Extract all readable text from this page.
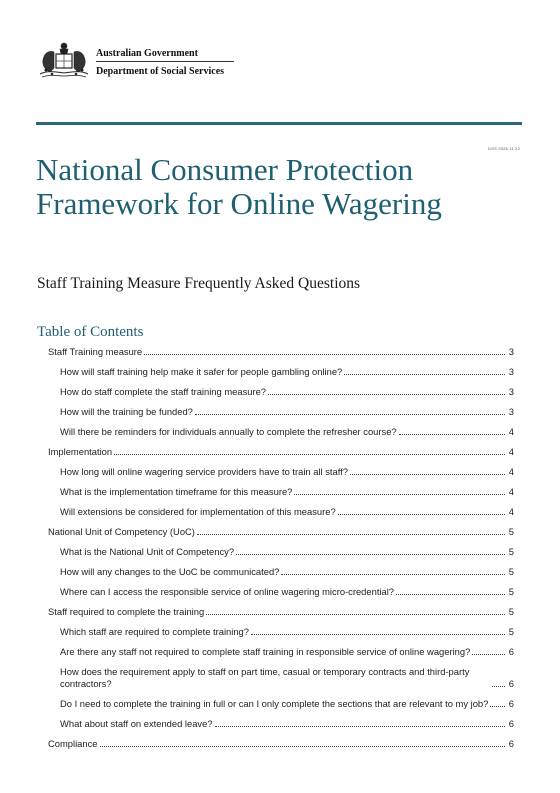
Australian Government
Department of Social Services
DSS 2026.11.22
National Consumer Protection Framework for Online Wagering
Staff Training Measure Frequently Asked Questions
Table of Contents
Staff Training measure	3
How will staff training help make it safer for people gambling online?	3
How do staff complete the staff training measure?	3
How will the training be funded?	3
Will there be reminders for individuals annually to complete the refresher course?	4
Implementation	4
How long will online wagering service providers have to train all staff?	4
What is the implementation timeframe for this measure?	4
Will extensions be considered for implementation of this measure?	4
National Unit of Competency (UoC)	5
What is the National Unit of Competency?	5
How will any changes to the UoC be communicated?	5
Where can I access the responsible service of online wagering micro-credential?	5
Staff required to complete the training	5
Which staff are required to complete training?	5
Are there any staff not required to complete staff training in responsible service of online wagering?	6
How does the requirement apply to staff on part time, casual or temporary contracts and third-party contractors?	6
Do I need to complete the training in full or can I only complete the sections that are relevant to my job? 6
What about staff on extended leave?	6
Compliance	6
